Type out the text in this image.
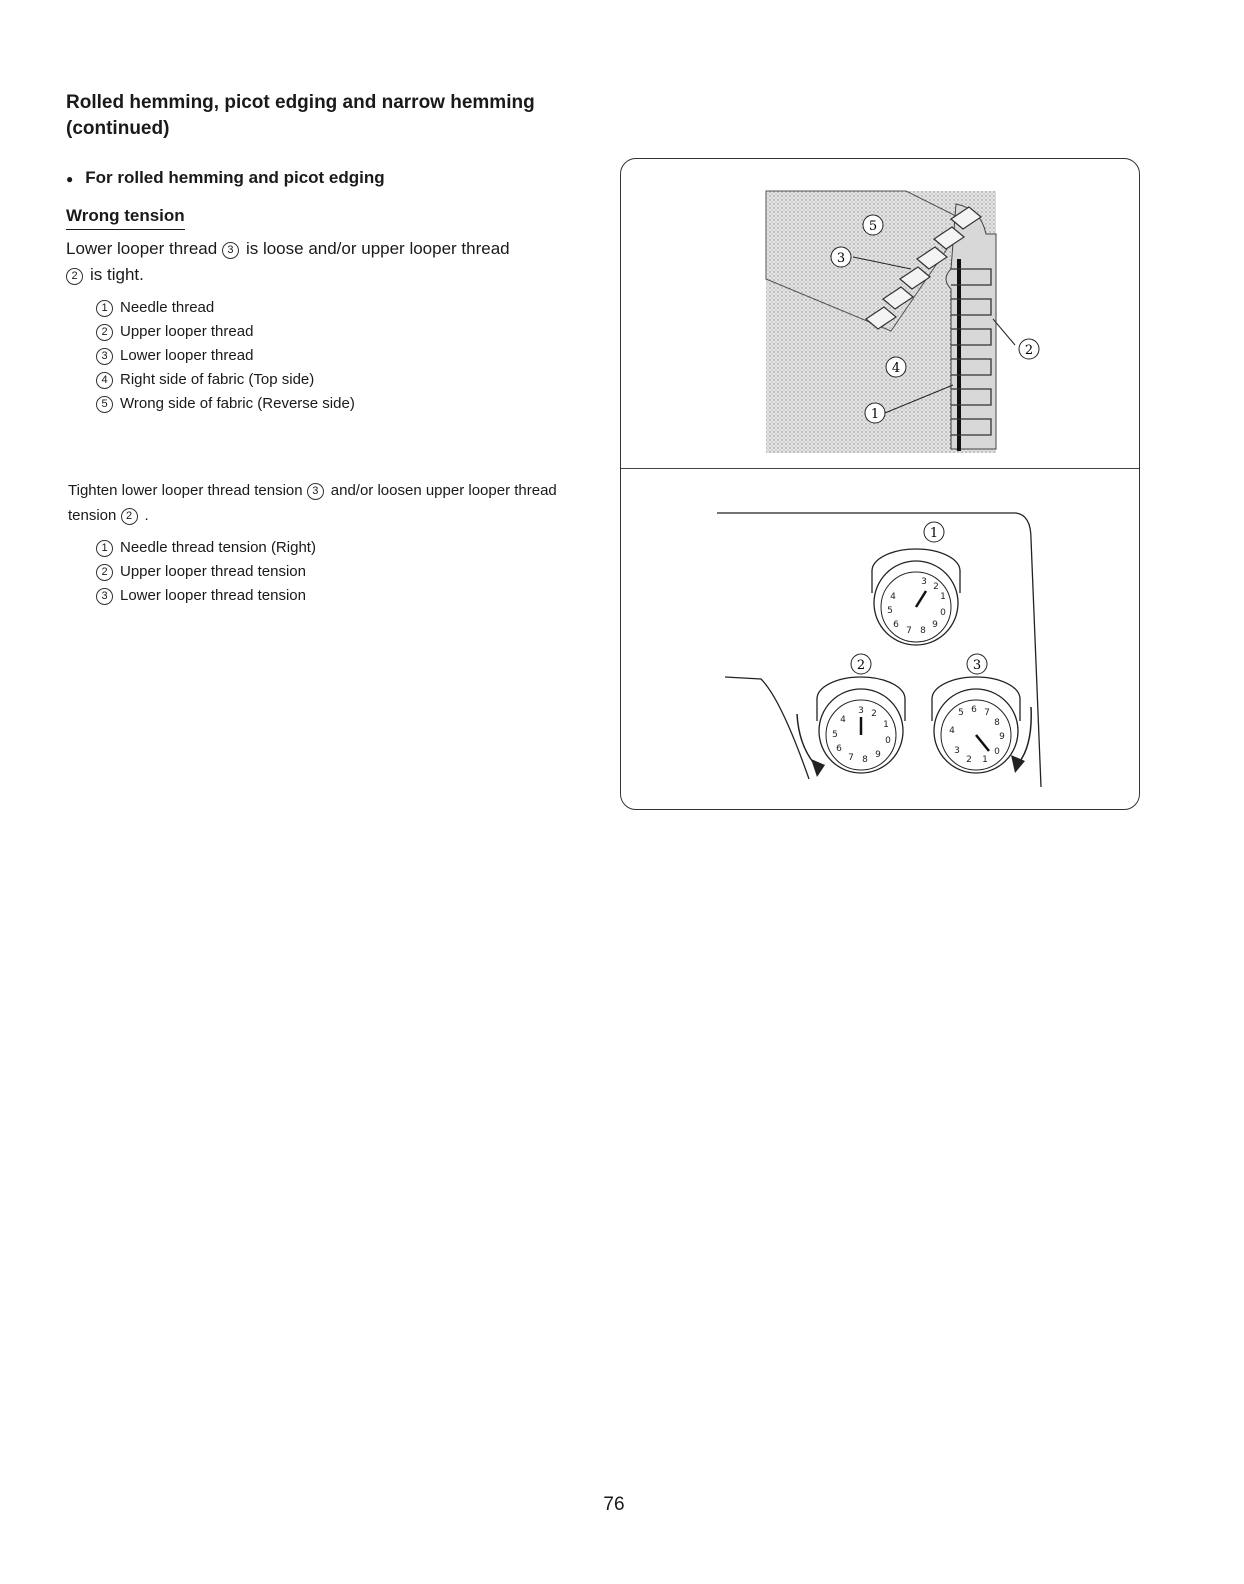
Rolled hemming, picot edging and narrow hemming
(continued)

● For rolled hemming and picot edging

Wrong tension

Lower looper thread 3 is loose and/or upper looper thread
2 is tight.

1 Needle thread
2 Upper looper thread
3 Lower looper thread
4 Right side of fabric (Top side)
5 Wrong side of fabric (Reverse side)

Tighten lower looper thread tension 3 and/or loosen upper looper thread tension 2 .

1 Needle thread tension (Right)
2 Upper looper thread tension
3 Lower looper thread tension
5
3
4
1
2
3 2
1
0
9
8
7
6
5
4
3 2
1
0
9
8
7
6
5
4
5 6 7
8
9
0
1
2
3
4
1
2	3

76
